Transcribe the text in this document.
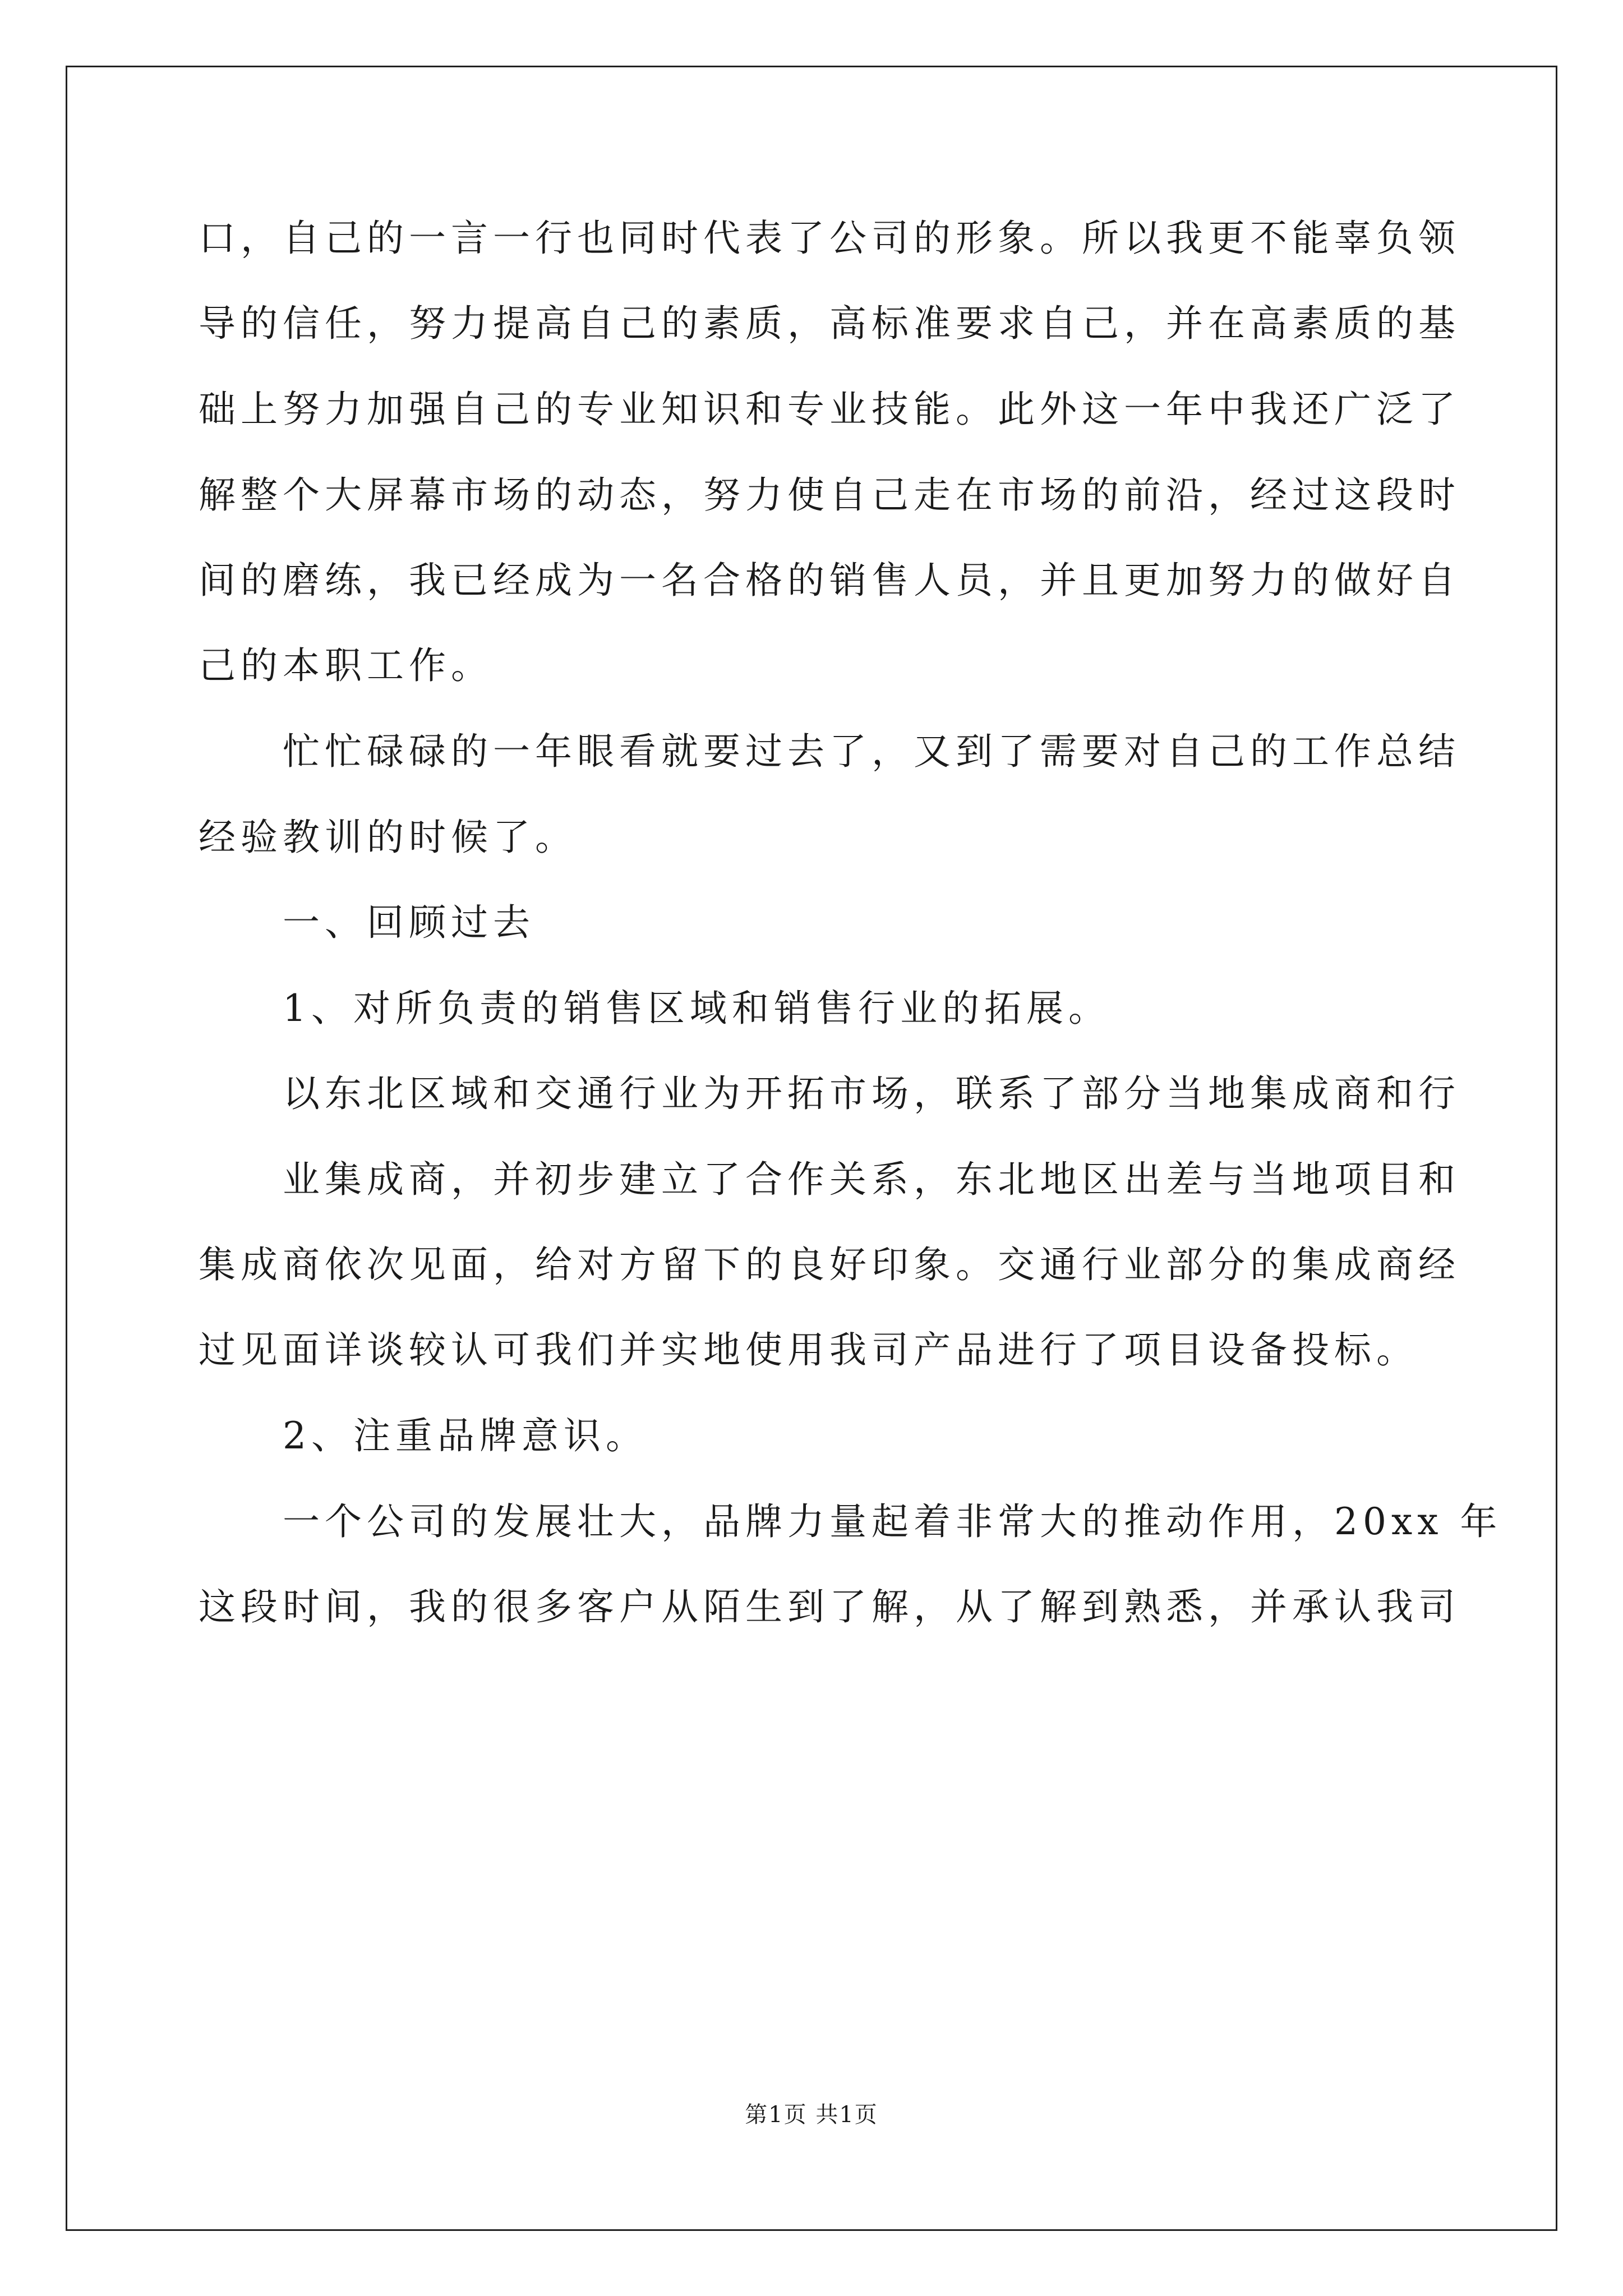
口，自己的一言一行也同时代表了公司的形象。所以我更不能辜负领
导的信任，努力提高自己的素质，高标准要求自己，并在高素质的基
础上努力加强自己的专业知识和专业技能。此外这一年中我还广泛了
解整个大屏幕市场的动态，努力使自己走在市场的前沿，经过这段时
间的磨练，我已经成为一名合格的销售人员，并且更加努力的做好自
己的本职工作。
忙忙碌碌的一年眼看就要过去了，又到了需要对自己的工作总结
经验教训的时候了。
一、回顾过去
1、对所负责的销售区域和销售行业的拓展。
以东北区域和交通行业为开拓市场，联系了部分当地集成商和行
业集成商，并初步建立了合作关系，东北地区出差与当地项目和
集成商依次见面，给对方留下的良好印象。交通行业部分的集成商经
过见面详谈较认可我们并实地使用我司产品进行了项目设备投标。
2、注重品牌意识。
一个公司的发展壮大，品牌力量起着非常大的推动作用，20xx 年
这段时间，我的很多客户从陌生到了解，从了解到熟悉，并承认我司
第1页 共1页
